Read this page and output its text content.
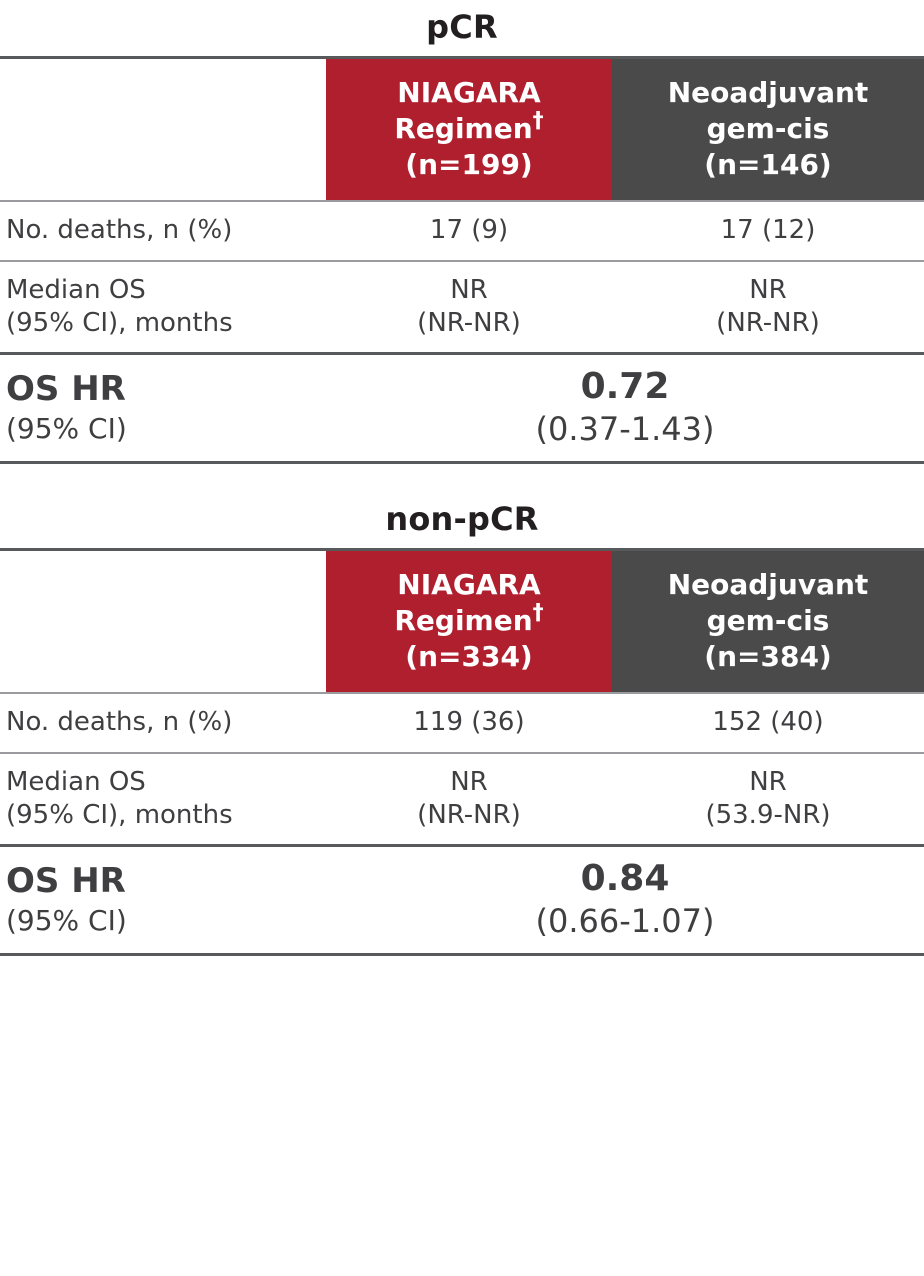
pCR

	NIAGARA
Regimen†
(n=199)	Neoadjuvant
gem-cis
(n=146)

No. deaths, n (%)	17 (9)	17 (12)

Median OS
(95% CI), months	NR
(NR-NR)	NR
(NR-NR)

OS HR
(95% CI)	0.72
(0.37-1.43)	
non-pCR

	NIAGARA
Regimen†
(n=334)	Neoadjuvant
gem-cis
(n=384)

No. deaths, n (%)	119 (36)	152 (40)

Median OS
(95% CI), months	NR
(NR-NR)	NR
(53.9-NR)

OS HR
(95% CI)	0.84
(0.66-1.07)	
